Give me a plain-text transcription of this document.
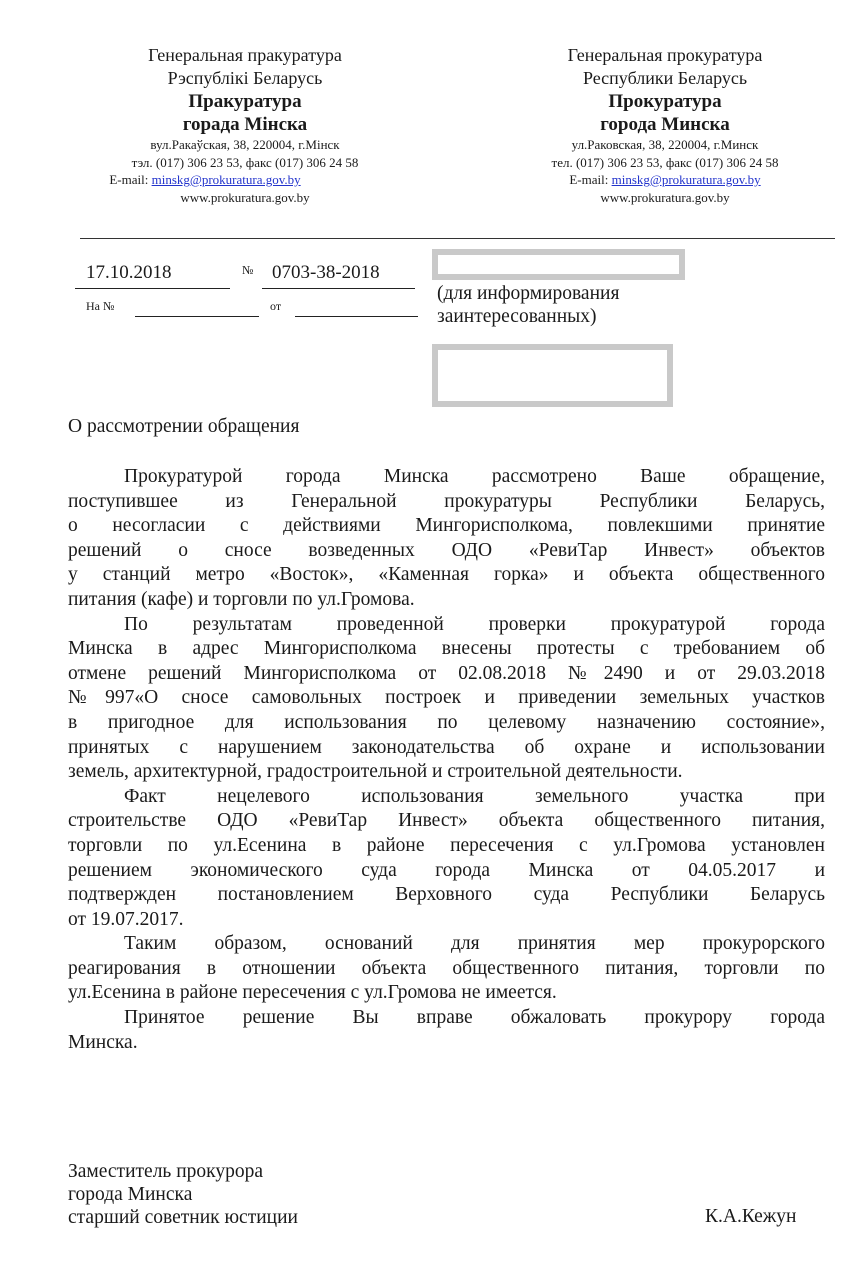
Генеральная пракуратура
Рэспублікі Беларусь
Пракуратура
горада Мінска
вул.Ракаўская, 38, 220004, г.Мінск
тэл. (017) 306 23 53, факс (017) 306 24 58
E-mail: minskg@prokuratura.gov.by
www.prokuratura.gov.by
Генеральная прокуратура
Республики Беларусь
Прокуратура
города Минска
ул.Раковская, 38, 220004, г.Минск
тел. (017) 306 23 53, факс (017) 306 24 58
E-mail: minskg@prokuratura.gov.by
www.prokuratura.gov.by
17.10.2018	№ 0703-38-2018
На №	от
(для информирования
заинтересованных)
О рассмотрении обращения
Прокуратурой города Минска рассмотрено Ваше обращение,
поступившее из Генеральной прокуратуры Республики Беларусь,
о несогласии с действиями Мингорисполкома, повлекшими принятие
решений о сносе возведенных ОДО «РевиТар Инвест» объектов
у станций метро «Восток», «Каменная горка» и объекта общественного
питания (кафе) и торговли по ул.Громова.
По результатам проведенной проверки прокуратурой города
Минска в адрес Мингорисполкома внесены протесты с требованием об
отмене решений Мингорисполкома от 02.08.2018 №2490 и от 29.03.2018
№997«О сносе самовольных построек и приведении земельных участков
в пригодное для использования по целевому назначению состояние»,
принятых с нарушением законодательства об охране и использовании
земель, архитектурной, градостроительной и строительной деятельности.
Факт нецелевого использования земельного участка при
строительстве ОДО «РевиТар Инвест» объекта общественного питания,
торговли по ул.Есенина в районе пересечения с ул.Громова установлен
решением экономического суда города Минска от 04.05.2017 и
подтвержден постановлением Верховного суда Республики Беларусь
от 19.07.2017.
Таким образом, оснований для принятия мер прокурорского
реагирования в отношении объекта общественного питания, торговли по
ул.Есенина в районе пересечения с ул.Громова не имеется.
Принятое решение Вы вправе обжаловать прокурору города
Минска.
Заместитель прокурора
города Минска
старший советник юстиции	К.А.Кежун
